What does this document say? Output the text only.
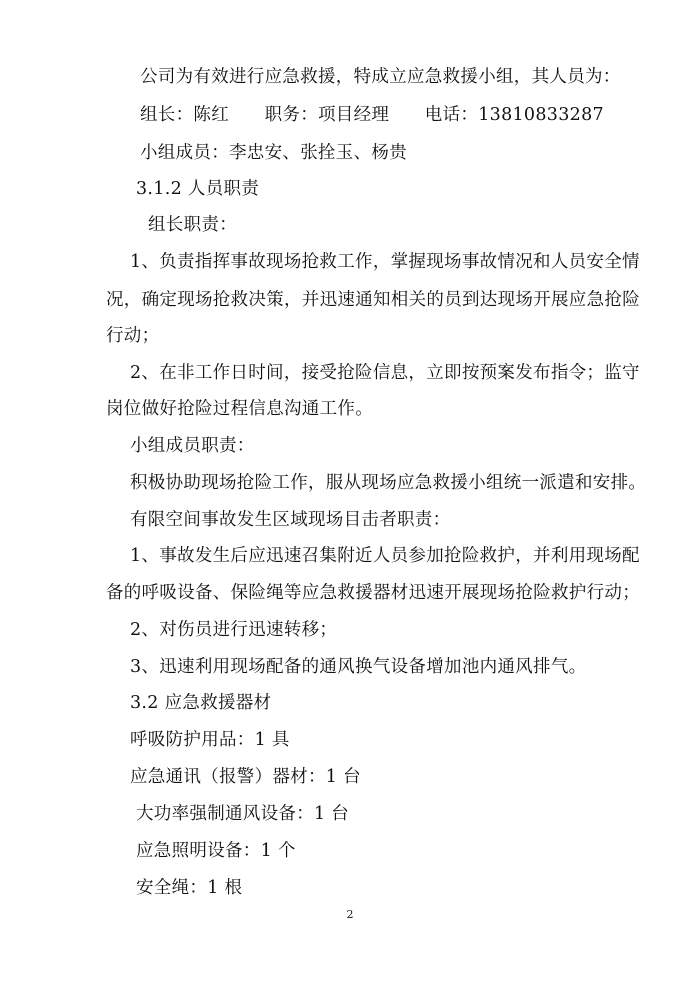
公司为有效进行应急救援，特成立应急救援小组，其人员为：
组长：陈红　　职务：项目经理　　电话：13810833287
小组成员：李忠安、张拴玉、杨贵
3.1.2 人员职责
组长职责：
1、负责指挥事故现场抢救工作，掌握现场事故情况和人员安全情
况，确定现场抢救决策，并迅速通知相关的员到达现场开展应急抢险
行动；
2、在非工作日时间，接受抢险信息，立即按预案发布指令；监守
岗位做好抢险过程信息沟通工作。
小组成员职责：
积极协助现场抢险工作，服从现场应急救援小组统一派遣和安排。
有限空间事故发生区域现场目击者职责：
1、事故发生后应迅速召集附近人员参加抢险救护，并利用现场配
备的呼吸设备、保险绳等应急救援器材迅速开展现场抢险救护行动；
2、对伤员进行迅速转移；
3、迅速利用现场配备的通风换气设备增加池内通风排气。
3.2 应急救援器材
呼吸防护用品：1 具
应急通讯（报警）器材：1 台
大功率强制通风设备：1 台
应急照明设备：1 个
安全绳：1 根
2
